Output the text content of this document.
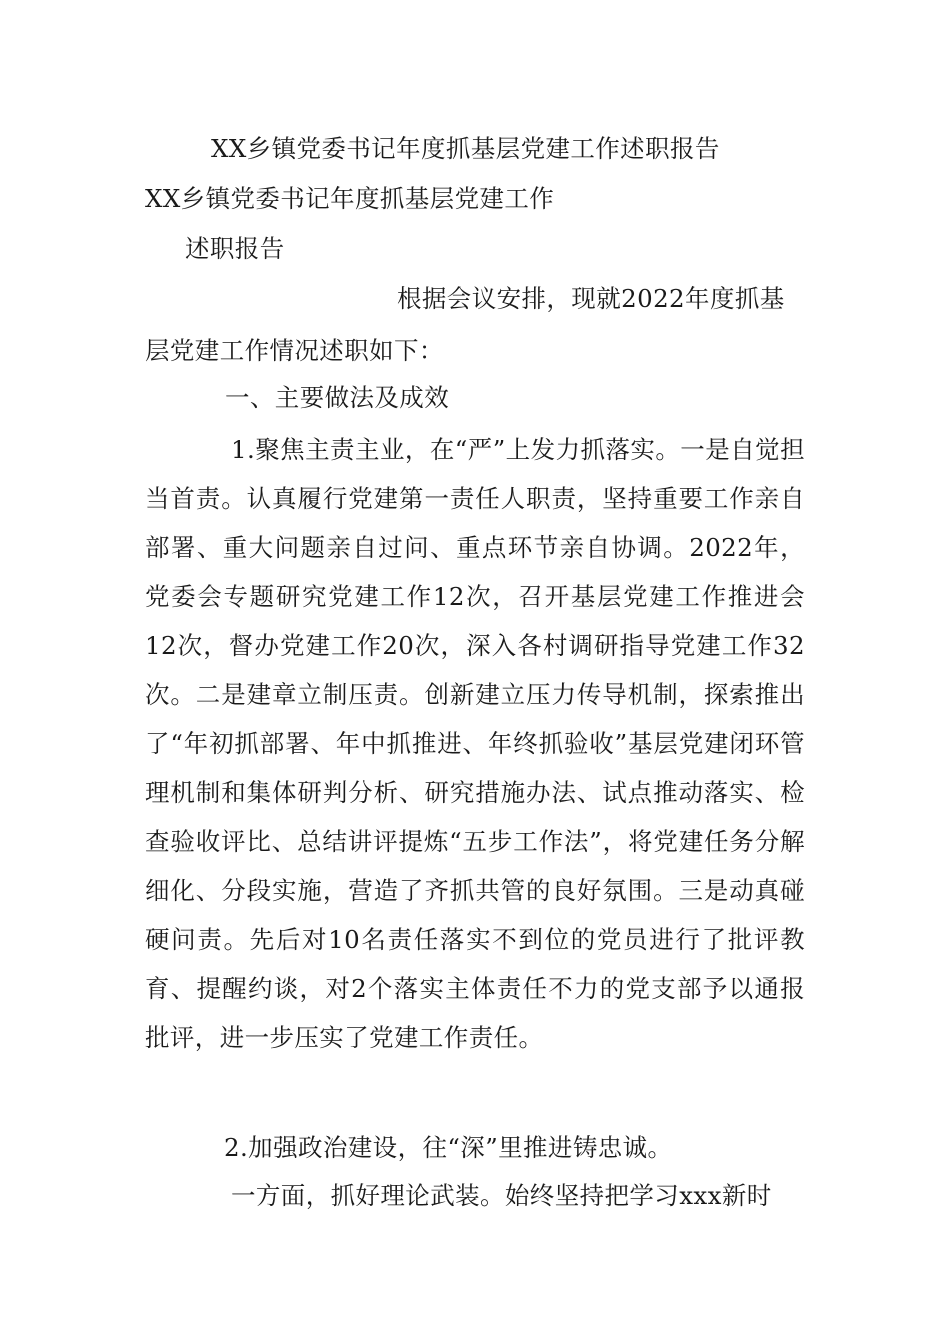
XX乡镇党委书记年度抓基层党建工作述职报告
XX乡镇党委书记年度抓基层党建工作
述职报告
根据会议安排，现就2022年度抓基
层党建工作情况述职如下：
一、主要做法及成效

1.聚焦主责主业，在“严”上发力抓落实。一是自觉担当首责。认真履行党建第一责任人职责，坚持重要工作亲自部署、重大问题亲自过问、重点环节亲自协调。2022年，党委会专题研究党建工作12次，召开基层党建工作推进会12次，督办党建工作20次，深入各村调研指导党建工作32次。二是建章立制压责。创新建立压力传导机制，探索推出了“年初抓部署、年中抓推进、年终抓验收”基层党建闭环管理机制和集体研判分析、研究措施办法、试点推动落实、检查验收评比、总结讲评提炼“五步工作法”，将党建任务分解细化、分段实施，营造了齐抓共管的良好氛围。三是动真碰硬问责。先后对10名责任落实不到位的党员进行了批评教育、提醒约谈，对2个落实主体责任不力的党支部予以通报批评，进一步压实了党建工作责任。

2.加强政治建设，往“深”里推进铸忠诚。

一方面，抓好理论武装。始终坚持把学习xxx新时
